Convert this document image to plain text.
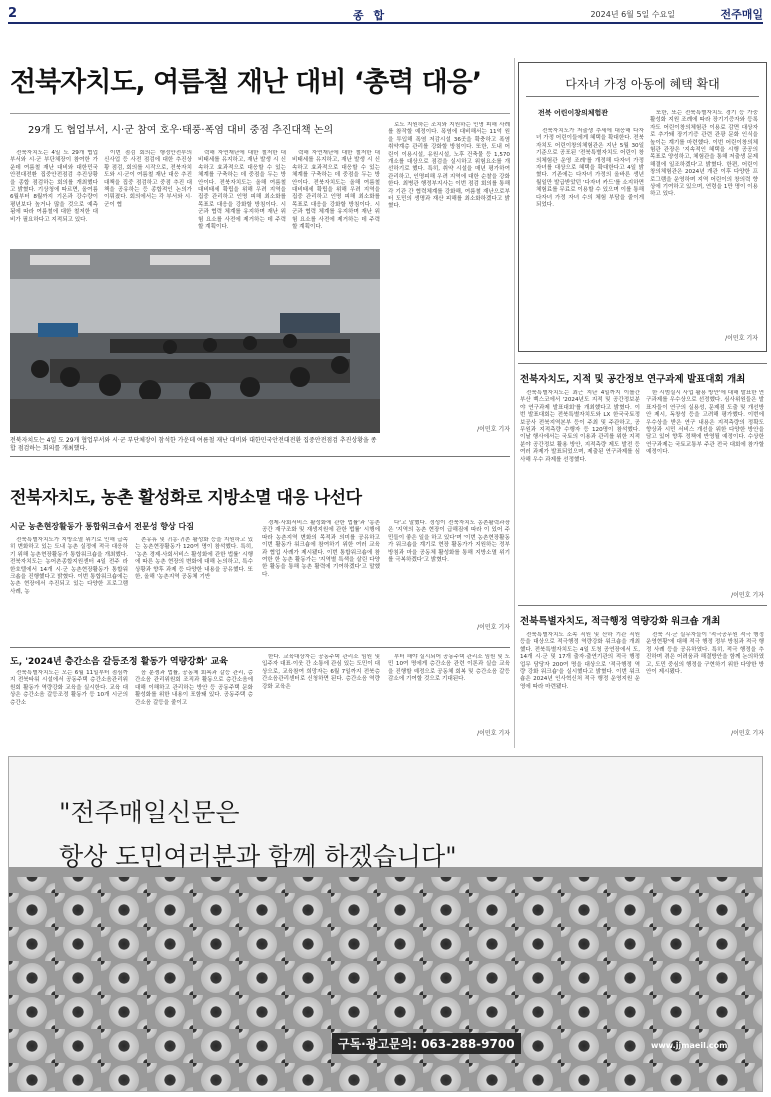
2	종 합	2024년 6월 5일 수요일	전주매일
전북자치도, 여름철 재난 대비 ‘총력 대응’
29개 도 협업부서, 시·군 참여 호우·태풍·폭염 대비 중점 추진대책 논의

전북자치도는 4일 도 29개 협업부서와 시·군 부단체장이 참여한 가운데 여름철 재난 대비와 대한민국안전대전환 집중안전점검 추진상황을 종합 점검하는 회의를 개최했다고 밝혔다. 기상청에 따르면, 올여름 6월부터 8월까지 기온과 강수량이 평년보다 높거나 많을 것으로 예측됨에 따라 여름철에 대한 철저한 대비가 필요하다고 지적되고 있다.

이번 점검 회의는 행정안전부의 신사업 등 사전 점검에 대한 추진상황 점검, 회의를 시작으로, 전북자치도와 시·군이 여름철 재난 대응 추진대책을 집중 점검하고 중점 추진 대책을 공유하는 등 종합적인 논의가 이뤄졌다. 회의에서는 각 부서와 시·군이 협

력해 자연재난에 대한 철저한 대비태세를 유지하고, 재난 발생 시 신속하고 효과적으로 대응할 수 있는 체계를 구축하는 데 중점을 두는 방안이다. 전북자치도는 올해 여름철 대비태세 확립을 위해 우려 지역을 집중 관리하고 인명 피해 최소화를 목표로 대응을 강화할 방침이다. 시군과 협력 체계를 유지하며 재난 위험 요소를 사전에 제거하는 데 주력할 계획이다.

력해 자연재난에 대한 철저한 대비태세를 유지하고, 재난 발생 시 신속하고 효과적으로 대응할 수 있는 체계를 구축하는 데 중점을 두는 방안이다. 전북자치도는 올해 여름철 대비태세 확립을 위해 우려 지역을 집중 관리하고 인명 피해 최소화를 목표로 대응을 강화할 방침이다. 시군과 협력 체계를 유지하며 재난 위험 요소를 사전에 제거하는 데 주력할 계획이다.

로도 지원하는 조치와 지원하는 인명 피해 사례를 참작할 예정이다. 폭염에 대비해서는 11억 원을 투입해 폭염 저감시설 36곳을 확충하고 폭염 취약계층 관리를 강화할 방침이다. 또한, 도내 어린이 이용시설, 유원시설, 노후 건축물 등 1,570개소를 대상으로 점검을 실시하고 위험요소를 개선하기로 했다. 특히, 취약 시설을 매년 평가하여 관리하고, 인명피해 우려 지역에 대한 순찰을 강화한다. 최병관 행정부지사는 이번 점검 회의를 통해 각 기관 간 협력체계를 강화해, 여름철 재난으로부터 도민의 생명과 재산 피해를 최소화하겠다고 밝혔다.

/이민호 기자
전북자치도는 4일 도 29개 협업부서와 시·군 부단체장이 참석한 가운데 여름철 재난 대비와 대한민국안전대전환 집중안전점검 추진상황을 종합 점검하는 회의를 개최했다.
다자녀 가정 아동에 혜택 확대
전북 어린이창의체험관

전북자치도가 저출생 추세에 대응해 다자녀 가정 어린이들에게 혜택을 확대한다. 전북자치도 어린이창의체험관은 지난 5월 30일 기준으로 공포된 '전북특별자치도 어린이 창의체험관 운영 조례'를 개정해 다자녀 가정 자녀를 대상으로 혜택을 확대한다고 4일 밝혔다. 기존에는 다자녀 가정의 올바른 생년 월일만 발급받았던 '다자녀 카드'를 소지하면 체험료를 무료로 이용할 수 있으며 이를 통해 다자녀 가정 자녀 수의 체험 부담을 줄이게 되었다.

또한, 또는 전북특별자치도 경기 등 가중 활성화 지원 조례에 따라 장기기증자와 등록자도 어린이창의체험관 이용료 감면 대상자로 추가돼 장기기증 관련 관광 문화 인식을 높이는 계기를 마련했다. 이번 어린이창의체험관 관장은 '지속적인 혜택을 시행 공공의 목표로 양성하고, 체험관을 통해 저출생 문제 해결에 일조하겠다'고 밝혔다. 한편, 어린이창의체험관은 2024년 개관 이후 다양한 프로그램을 운영하며 지역 어린이의 창의력 향상에 기여하고 있으며, 연령을 1만 명이 이용하고 있다.

/이민호 기자
전북자치도, 농촌 활성화로 지방소멸 대응 나선다
시군 농촌현장활동가 통합워크숍서 전문성 향상 다짐

전북특별자치도가 지방소멸 위기로 인해 급속히 변화하고 있는 도내 농촌 실정에 적극 대응하기 위해 농촌현장활동가 통합워크숍을 개최했다. 전북자치도는 농어촌종합지원센터 4일 전주 라한호텔에서 14개 시·군 농촌현장활동가 통합워크숍을 진행했다고 밝혔다. 이번 통합워크숍에는 농촌 현장에서 추진되고 있는 다양한 프로그램 사례, 농

촌유휴 및 귀농·귀촌 활성화 등을 지원하고 있는 농촌현장활동가 120여 명이 참석했다. 특히, '농촌 경제·사회서비스 활성화에 관한 법률' 시행에 따른 농촌 현장의 변화에 대해 논의하고, 특수상황과 향후 과제 등 다양한 내용을 공유했다. 또한, 올해 '농촌지역 공동체 기반

경제·사회서비스 활성화에 관한 법률'과 '농촌 공간 재구조화 및 재생지원에 관한 법률' 시행에 따라 농촌지역 변화의 목적과 의미를 공유하고 이번 활동가 워크숍에 참여하기 위한 여러 교육과 협업 사례가 제시됐다. 이번 통합워크숍에 참여한 한 농촌 활동가는 '지역별 특색을 살린 다양한 활동을 통해 농촌 활력에 기여하겠다'고 말했다.

다'고 말했다. 정성이 전북자치도 농촌활력과장은 '지역의 농촌 현장이 급해짐에 따라 이 있어 주민들이 좋은 일을 하고 있다'며 '이번 농촌현장활동가 워크숍을 계기로 현장 활동가가 지원하는 정부 방침과 마을 공동체 활성화를 통해 지방소멸 위기를 극복하겠다'고 밝혔다.

/이민호 기자
도, '2024년 층간소음 갈등조정 활동가 역량강화' 교육

전북특별자치도는 오는 6월 11일부터 점심까지 전북타워 시설에서 공동주택 층간소음관리위원회 활동가 역량강화 교육을 실시한다. 교육 대상은 층간소음 갈등조정 활동가 등 10개 시군의 층간소

음 분쟁과 법률, 공동체 회복과 갈등 관리, 층간소음 관리위원회 조직과 활동으로 층간소음에 대해 이해하고 관리하는 방안 등 공동주택 문화 활성화를 위한 내용이 포함돼 있다. 공동주택 층간소음 갈등을 줄이고

한다. 교육대상자는 공동주택 관리소 임원 및 입주자 대표·이웃 간 소통에 관심 있는 도민이 대상으로, 교육참여 희망자는 6월 7일까지 전북층간소음관리센터로 신청하면 된다. 층간소음 역량 강화 교육은

부터 해야 실시되어 공동주택 관리소 임원 및 도민 10여 명에게 층간소음 관련 이론과 실습 교육을 진행할 예정으로 공동체 회복 및 층간소음 갈등 감소에 기여할 것으로 기대된다.

/이민호 기자
전북자치도, 지적 및 공간정보 연구과제 발표대회 개최

전북특별자치도는 최근 지난 4일까지 이틀간 부산 벡스코에서 '2024년도 지적 및 공간정보분야 연구과제 발표대회'를 개최했다고 밝혔다. 이번 발표대회는 전북특별자치도와 LX 한국국토정보공사 전북지역본부 등이 주최 및 주관하고, 공무원과 지적측량 수행자 등 120명이 참석했다. 이날 행사에서는 국토의 이용과 관리를 위한 지적분야 공간정보 활용 방안, 지적측량 제도 발전 등 여러 과제가 발표되었으며, 제출된 연구과제를 심사해 우수 과제를 선정했다.

한 시범실시 사업 활용 방안'에 대해 발표한 연구과제를 우수상으로 선정했다. 심사위원들은 발표자들이 연구의 실용성, 문제점 도출 및 개선방안 제시, 독창성 등을 고려해 평가했다. 이번에 우수상을 받은 연구 내용은 지적측량의 정확도 향상과 시민 서비스 개선을 위한 다양한 방안을 담고 있어 향후 정책에 반영될 예정이다. 수상한 연구과제는 국토교통부 주관 전국 대회에 참가할 예정이다.

/이민호 기자
전북특별자치도, 적극행정 역량강화 워크숍 개최

전북특별자치도 소속 직원 및 산하 기관 직원 등을 대상으로 적극행정 역량강화 워크숍을 개최했다. 전북특별자치도는 4일 도청 공연장에서 도, 14개 시·군 및 17개 출자·출연기관의 적극 행정업무 담당자 200여 명을 대상으로 '적극행정 역량 강화 워크숍'을 실시했다고 밝혔다. 이번 워크숍은 2024년 인사혁신처 적극 행정 운영지원 운영에 따라 마련됐다.

전북 시·군 실무자들이 '적극공무원 적극 행정 운영현황'에 대해 적극 행정 정부 방침과 적극 행정 사례 등을 공유하였다. 특히, 적극 행정을 추진하며 겪은 어려움과 해결방안을 함께 논의하였고, 도민 중심의 행정을 구현하기 위한 다양한 방안이 제시됐다.

/이민호 기자
"전주매일신문은
항상 도민여러분과 함께 하겠습니다"
구독·광고문의: 063-288-9700	www.jjmaeil.com
